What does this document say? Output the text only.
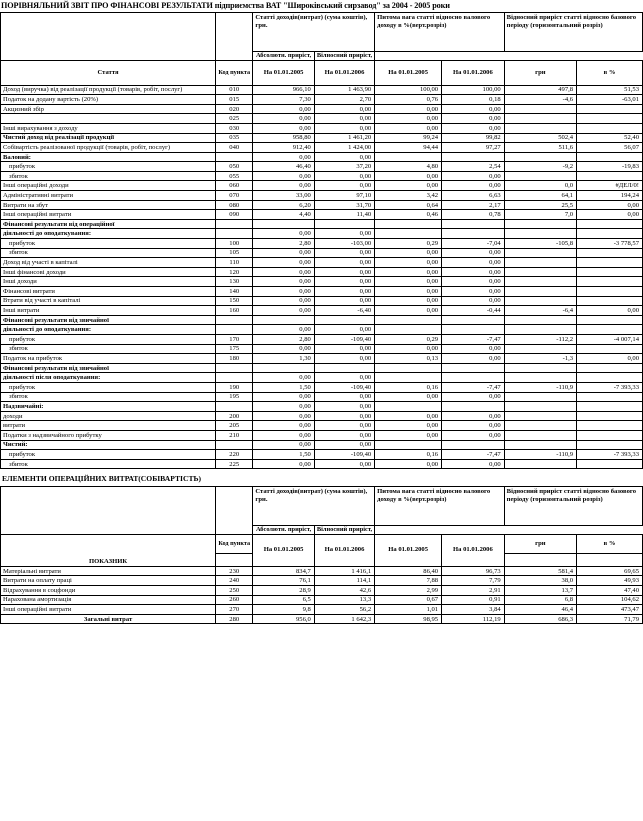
ПОРІВНЯЛЬНИЙ ЗВІТ ПРО ФІНАНСОВІ РЕЗУЛЬТАТИ підприємства ВАТ "Широківський сирзавод" за 2004 - 2005 роки
		Статті доходів(витрат) (сума коштів), грн.		Питома вага статті відносно валового доходу в %(верт.розріз)		Відносний приріст статті відносно базового періоду (горизонтальний розріз)	
		Абсолютн. приріст,	Вілносний приріст,				
Стаття	Код пункта	На 01.01.2005	На 01.01.2006	На 01.01.2005	На 01.01.2006	грн	в %
Доход (виручка) від реалізації продукції (товарів, робіт, послуг)	010	966,10	1 463,90	100,00	100,00	497,8	51,53
Податок на додану вартість (20%)	015	7,30	2,70	0,76	0,18	-4,6	-63,01
Акцизний збір	020	0,00	0,00	0,00	0,00		
	025	0,00	0,00	0,00	0,00		
Інші вирахування з доходу	030	0,00	0,00	0,00	0,00		
Чистий доход від реалізації продукції	035	958,80	1 461,20	99,24	99,82	502,4	52,40
Собівартість реалізованої продукції (товарів, робіт, послуг)	040	912,40	1 424,00	94,44	97,27	511,6	56,07
Валовий:		0,00	0,00				
прибуток	050	46,40	37,20	4,80	2,54	-9,2	-19,83
збиток	055	0,00	0,00	0,00	0,00		
Інші операційні доходи	060	0,00	0,00	0,00	0,00	0,0	#ДЕЛ/0!
Адміністративні витрати	070	33,00	97,10	3,42	6,63	64,1	194,24
Витрати на збут	080	6,20	31,70	0,64	2,17	25,5	0,00
Інші операційні витрати	090	4,40	11,40	0,46	0,78	7,0	0,00
Фінансові результати від операційної							
діяльності до оподаткування:		0,00	0,00				
прибуток	100	2,80	-103,00	0,29	-7,04	-105,8	-3 778,57
збиток	105	0,00	0,00	0,00	0,00		
Доход від участі в капіталі	110	0,00	0,00	0,00	0,00		
Інші фінансові доходи	120	0,00	0,00	0,00	0,00		
Інші доходи	130	0,00	0,00	0,00	0,00		
Фінансові витрати	140	0,00	0,00	0,00	0,00		
Втрати від участі в капіталі	150	0,00	0,00	0,00	0,00		
Інші витрати	160	0,00	-6,40	0,00	-0,44	-6,4	0,00
Фінансові результати від звичайної							
діяльності до оподаткування:		0,00	0,00				
прибуток	170	2,80	-109,40	0,29	-7,47	-112,2	-4 007,14
збиток	175	0,00	0,00	0,00	0,00		
Податок на прибуток	180	1,30	0,00	0,13	0,00	-1,3	0,00
Фінансові результати від звичайної							
діяльності після оподаткування:		0,00	0,00				
прибуток	190	1,50	-109,40	0,16	-7,47	-110,9	-7 393,33
збиток	195	0,00	0,00	0,00	0,00		
Надзвичайні:		0,00	0,00				
доходи	200	0,00	0,00	0,00	0,00		
витрати	205	0,00	0,00	0,00	0,00		
Податки з надзвичайного прибутку	210	0,00	0,00	0,00	0,00		
Чистий:		0,00	0,00				
прибуток	220	1,50	-109,40	0,16	-7,47	-110,9	-7 393,33
збиток	225	0,00	0,00	0,00	0,00		
ЕЛЕМЕНТИ ОПЕРАЦІЙНИХ ВИТРАТ(СОБІВАРТІСТЬ)
		Статті доходів(витрат) (сума коштів), грн.		Питома вага статті відносно валового доходу в %(верт.розріз)		Відносний приріст статті відносно базового періоду (горизонтальний розріз)	
		Абсолютн. приріст,	Вілносний приріст,				
ПОКАЗНИК	Код пункта	На 01.01.2005	На 01.01.2006	На 01.01.2005	На 01.01.2006	грн	в %

Матеріальні витрати	230	834,7	1 416,1	86,40	96,73	581,4	69,65
Витрати на оплату праці	240	76,1	114,1	7,88	7,79	38,0	49,93
Відрахування в соцфонди	250	28,9	42,6	2,99	2,91	13,7	47,40
Нарахована амортизація	260	6,5	13,3	0,67	0,91	6,8	104,62
Інші операційні витрати	270	9,8	56,2	1,01	3,84	46,4	473,47
Загальні витрат	280	956,0	1 642,3	98,95	112,19	686,3	71,79
